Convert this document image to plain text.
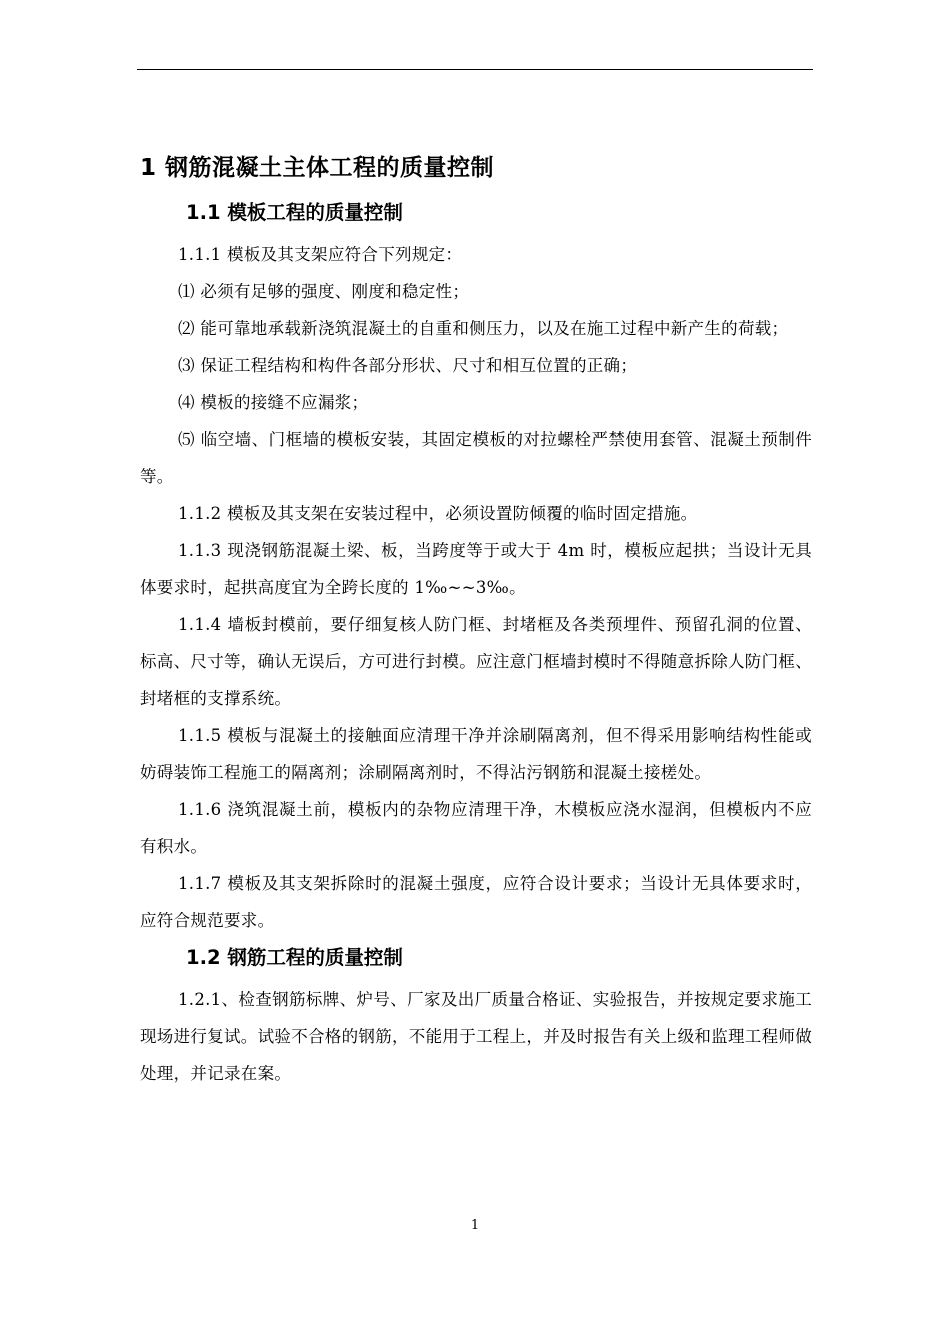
1 钢筋混凝土主体工程的质量控制
1.1 模板工程的质量控制

1.1.1 模板及其支架应符合下列规定：

⑴ 必须有足够的强度、刚度和稳定性；

⑵ 能可靠地承载新浇筑混凝土的自重和侧压力，以及在施工过程中新产生的荷载；

⑶ 保证工程结构和构件各部分形状、尺寸和相互位置的正确；

⑷ 模板的接缝不应漏浆；

⑸ 临空墙、门框墙的模板安装，其固定模板的对拉螺栓严禁使用套管、混凝土预制件等。

1.1.2 模板及其支架在安装过程中，必须设置防倾覆的临时固定措施。

1.1.3 现浇钢筋混凝土梁、板，当跨度等于或大于 4m 时，模板应起拱；当设计无具体要求时，起拱高度宜为全跨长度的 1‰~~3‰。

1.1.4 墙板封模前，要仔细复核人防门框、封堵框及各类预埋件、预留孔洞的位置、标高、尺寸等，确认无误后，方可进行封模。应注意门框墙封模时不得随意拆除人防门框、封堵框的支撑系统。

1.1.5 模板与混凝土的接触面应清理干净并涂刷隔离剂，但不得采用影响结构性能或妨碍装饰工程施工的隔离剂；涂刷隔离剂时，不得沾污钢筋和混凝土接槎处。

1.1.6 浇筑混凝土前，模板内的杂物应清理干净，木模板应浇水湿润，但模板内不应有积水。

1.1.7 模板及其支架拆除时的混凝土强度，应符合设计要求；当设计无具体要求时，应符合规范要求。

1.2 钢筋工程的质量控制

1.2.1、检查钢筋标牌、炉号、厂家及出厂质量合格证、实验报告，并按规定要求施工现场进行复试。试验不合格的钢筋，不能用于工程上，并及时报告有关上级和监理工程师做处理，并记录在案。

1
